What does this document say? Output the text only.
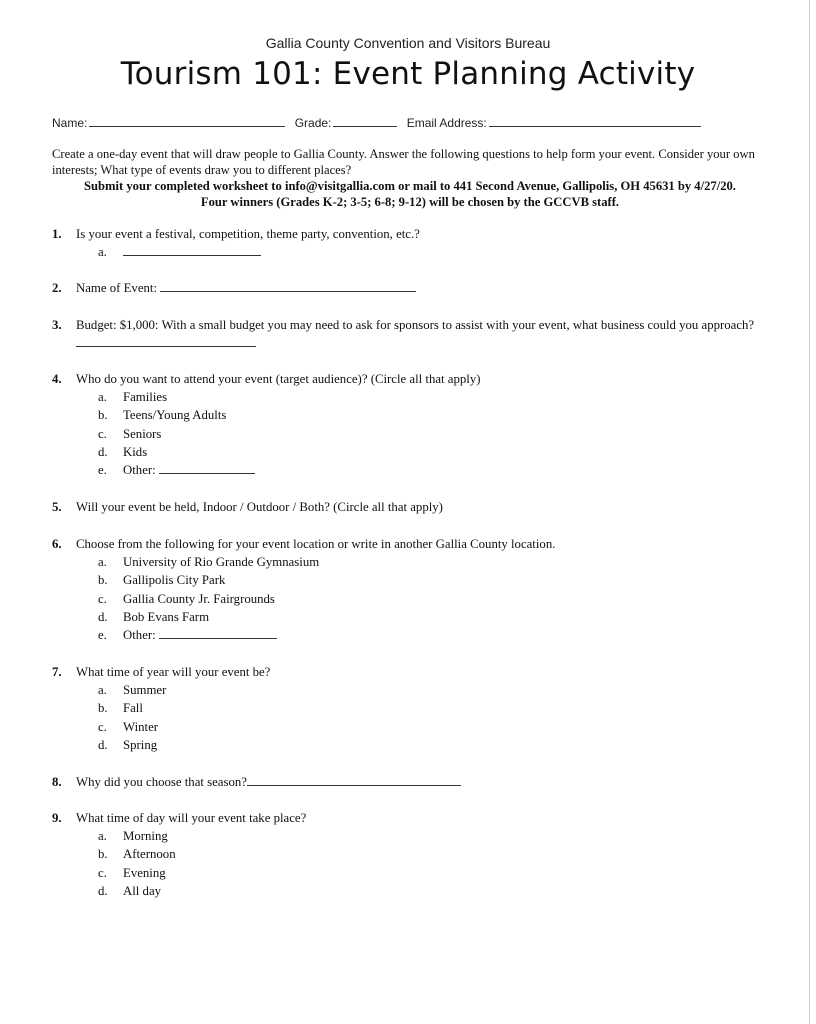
Gallia County Convention and Visitors Bureau
Tourism 101: Event Planning Activity
Name:	Grade:	Email Address:
Create a one-day event that will draw people to Gallia County. Answer the following questions to help form your event. Consider your own interests; What type of events draw you to different places?
Submit your completed worksheet to info@visitgallia.com or mail to 441 Second Avenue, Gallipolis, OH 45631 by 4/27/20.
Four winners (Grades K-2; 3-5; 6-8; 9-12) will be chosen by the GCCVB staff.
1. Is your event a festival, competition, theme party, convention, etc.?
a.
2. Name of Event:
3. Budget: $1,000: With a small budget you may need to ask for sponsors to assist with your event, what business could you approach?
4. Who do you want to attend your event (target audience)? (Circle all that apply)
a.	Families
b.	Teens/Young Adults
c.	Seniors
d.	Kids
e.	Other:
5. Will your event be held, Indoor / Outdoor / Both? (Circle all that apply)
6. Choose from the following for your event location or write in another Gallia County location.
a.	University of Rio Grande Gymnasium
b.	Gallipolis City Park
c.	Gallia County Jr. Fairgrounds
d.	Bob Evans Farm
e.	Other:
7. What time of year will your event be?
a.	Summer
b.	Fall
c.	Winter
d.	Spring
8. Why did you choose that season?
9. What time of day will your event take place?
a.	Morning
b.	Afternoon
c.	Evening
d.	All day
